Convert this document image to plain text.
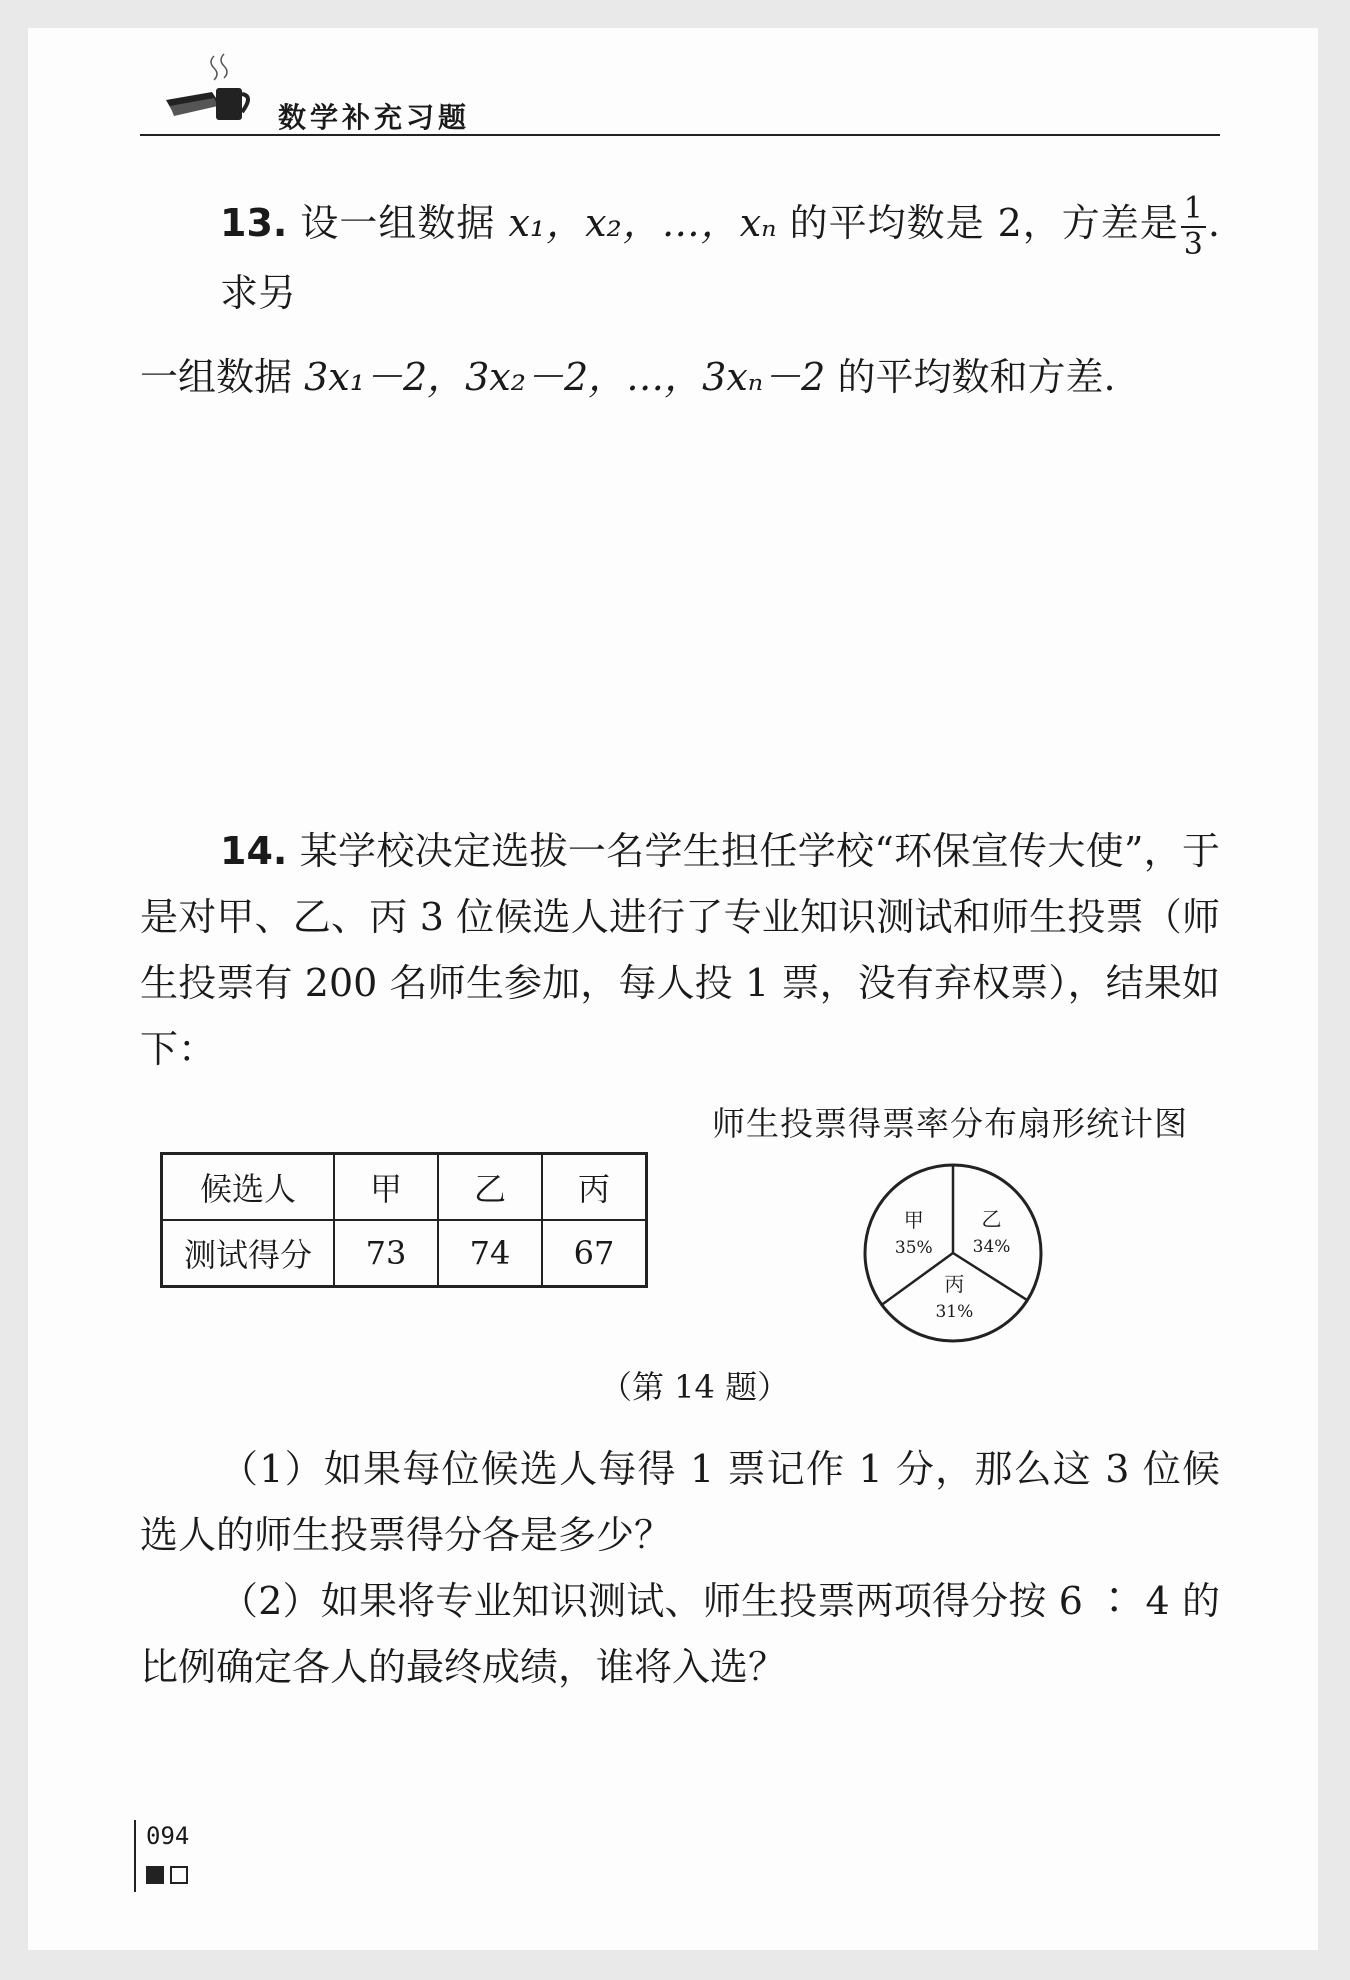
数学补充习题
13. 设一组数据 x₁，x₂，…，xₙ 的平均数是 2，方差是 $\frac{1}{3}$ . 求另
一组数据 3x₁－2，3x₂－2，…，3xₙ－2 的平均数和方差.
14. 某学校决定选拔一名学生担任学校“环保宣传大使”，于是对甲、乙、丙 3 位候选人进行了专业知识测试和师生投票（师生投票有 200 名师生参加，每人投 1 票，没有弃权票），结果如下：
候选人	甲	乙	丙
测试得分	73	74	67
师生投票得票率分布扇形统计图
乙
34%
丙
31%
甲
35%
（第 14 题）
（1）如果每位候选人每得 1 票记作 1 分，那么这 3 位候选人的师生投票得分各是多少？
（2）如果将专业知识测试、师生投票两项得分按 6 ∶ 4 的比例确定各人的最终成绩，谁将入选？
094
